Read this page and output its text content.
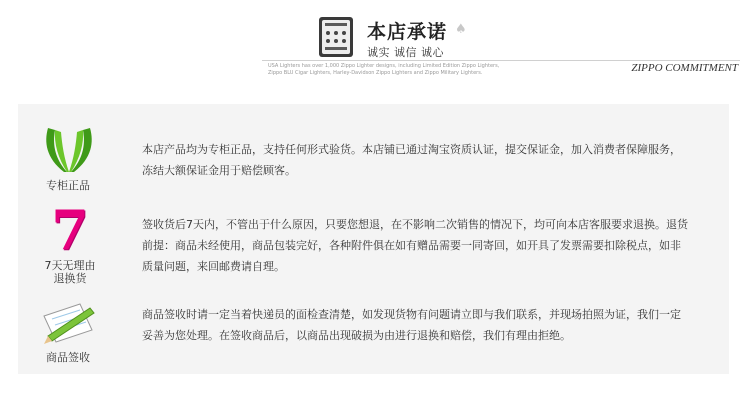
本店承诺 ♠
诚实 诚信 诚心
USA Lighters has over 1,000 Zippo Lighter designs, including Limited Edition Zippo Lighters,
Zippo BLU Cigar Lighters, Harley-Davidson Zippo Lighters and Zippo Military Lighters.	ZIPPO COMMITMENT
专柜正品
本店产品均为专柜正品，支持任何形式验货。本店铺已通过淘宝资质认证，提交保证金，加入消费者保障服务，
冻结大额保证金用于赔偿顾客。
7
7天无理由
退换货
签收货后7天内，不管出于什么原因，只要您想退，在不影响二次销售的情况下，均可向本店客服要求退换。退货
前提：商品未经使用，商品包装完好，各种附件俱在如有赠品需要一同寄回，如开具了发票需要扣除税点，如非
质量问题，来回邮费请自理。
商品签收
商品签收时请一定当着快递员的面检查清楚，如发现货物有问题请立即与我们联系，并现场拍照为证，我们一定
妥善为您处理。在签收商品后，以商品出现破损为由进行退换和赔偿，我们有理由拒绝。
